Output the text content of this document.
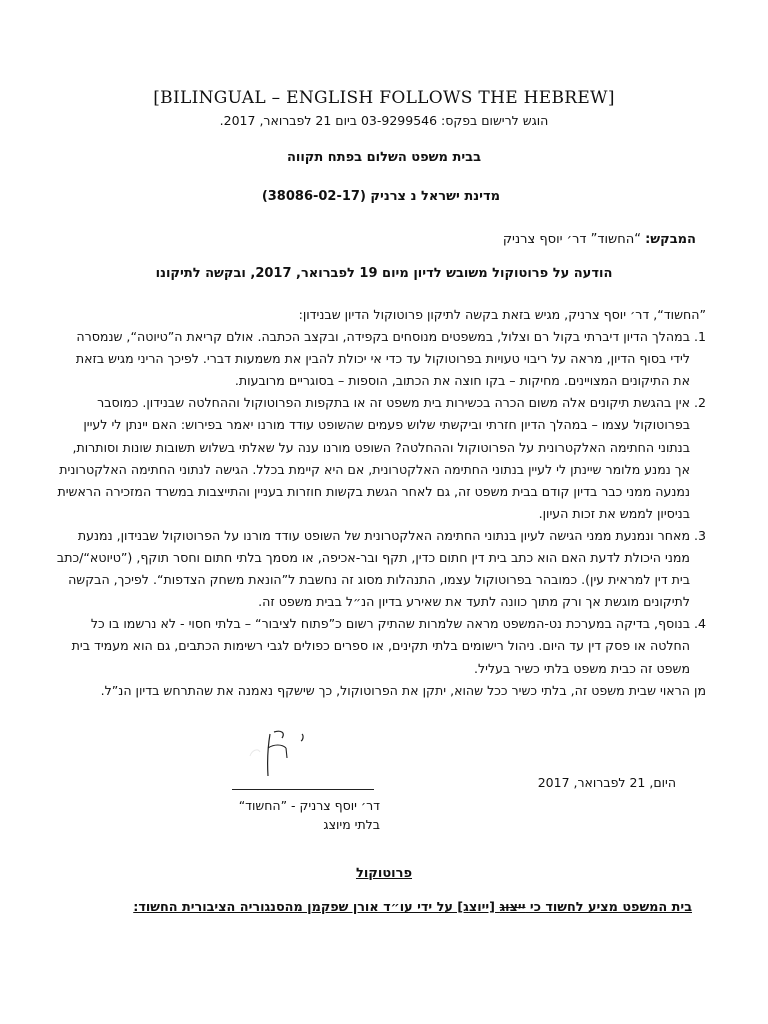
[BILINGUAL – ENGLISH FOLLOWS THE HEBREW]
הוגש לרישום בפקס: 03-9299546 ביום 21 לפברואר, 2017.
בבית משפט השלום בפתח תקווה
מדינת ישראל נ צרניק (38086-02-17)
המבקש: “החשוד” דר׳ יוסף צרניק
הודעה על פרוטוקול משובש לדיון מיום 19 לפברואר, 2017, ובקשה לתיקונו

”החשוד“, דר׳ יוסף צרניק, מגיש בזאת בקשה לתיקון פרוטוקול הדיון שבנידון:

1. במהלך הדיון דיברתי בקול רם וצלול, במשפטים מנוסחים בקפידה, ובקצב הכתבה. אולם קריאת ה”טיוטה“, שנמסרה לידי בסוף הדיון, מראה על ריבוי טעויות בפרוטוקול עד כדי אי יכולת להבין את משמעות דברי. לפיכך הריני מגיש בזאת את התיקונים המצויינים. מחיקות – בקו חוצה את הכתוב, הוספות – בסוגריים מרובעות.
2. אין בהגשת תיקונים אלה משום הכרה בכשירות בית משפט זה או בתקפות הפרוטוקול וההחלטה שבנידון. כמוסבר בפרוטוקול עצמו – במהלך הדיון חזרתי וביקשתי שלוש פעמים שהשופט עודד מורנו יאמר בפירוש: האם יינתן לי לעיין בנתוני החתימה האלקטרונית על הפרוטוקול וההחלטה? השופט מורנו ענה על שאלתי בשלוש תשובות שונות וסותרות, אך נמנע מלומר שיינתן לי לעיין בנתוני החתימה האלקטרונית, אם היא קיימת בכלל. הגישה לנתוני החתימה האלקטרונית נמנעה ממני כבר בדיון קודם בבית משפט זה, גם לאחר הגשת בקשות חוזרות בעניין והתייצבות במשרד המזכירה הראשית בניסיון לממש את זכות העיון.
3. מאחר ונמנעת ממני הגישה לעיון בנתוני החתימה האלקטרונית של השופט עודד מורנו על הפרוטוקול שבנידון, נמנעת ממני היכולת לדעת האם הוא כתב בית דין חתום כדין, תקף ובר-אכיפה, או מסמך בלתי חתום וחסר תוקף, (”טיוטא“/כתב בית דין למראית עין). כמובהר בפרוטוקול עצמו, התנהלות מסוג זה נחשבת ל”הונאת משחק הצדפות“. לפיכך, הבקשה לתיקונים מוגשת אך ורק מתוך כוונה לתעד את שאירע בדיון הנ״ל בבית משפט זה.
4. בנוסף, בדיקה במערכת נט-המשפט מראה שלמרות שהתיק רשום כ”פתוח לציבור“ – בלתי חסוי - לא נרשמו בו כל החלטה או פסק דין עד היום. ניהול רישומים בלתי תקינים, או ספרים כפולים לגבי רשימות הכתבים, גם הוא מעמיד בית משפט זה כבית משפט בלתי כשיר בעליל.

מן הראוי שבית משפט זה, בלתי כשיר ככל שהוא, יתקן את הפרוטוקול, כך שישקף נאמנה את שהתרחש בדיון הנ”ל.

דר׳ יוסף צרניק - ”החשוד“
בלתי מיוצג
היום, 21 לפברואר, 2017
פרוטוקול
בית המשפט מציע לחשוד כי ייצוג [ייוצג] על ידי עו״ד אורן שפקמן מהסנגוריה הציבורית החשוד:
